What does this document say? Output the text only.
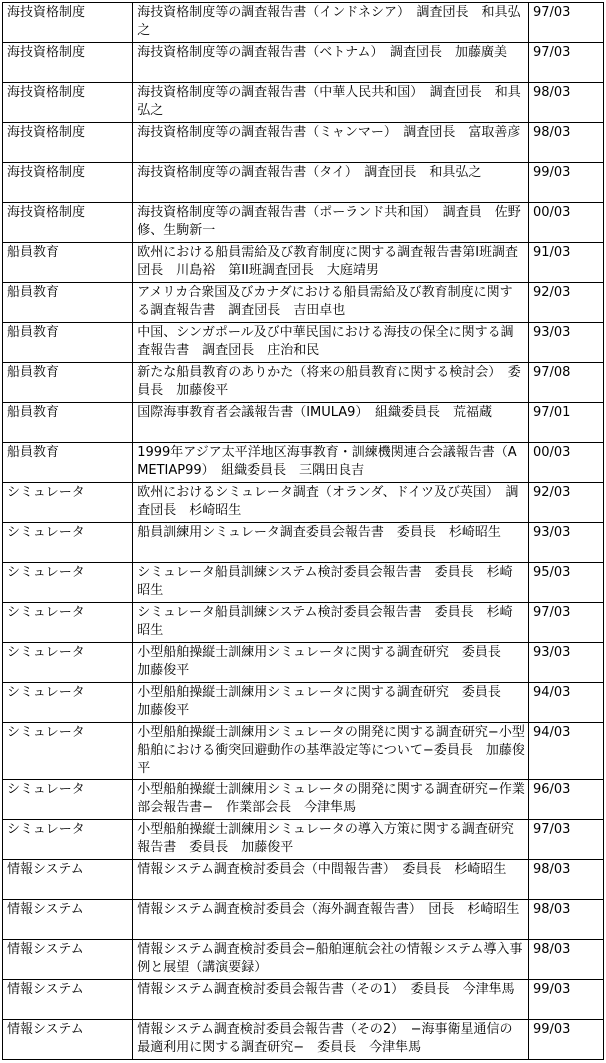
海技資格制度	海技資格制度等の調査報告書（インドネシア）　調査団長　和具弘之	97/03
海技資格制度	海技資格制度等の調査報告書（ベトナム）　調査団長　加藤廣美	97/03
海技資格制度	海技資格制度等の調査報告書（中華人民共和国）　調査団長　和具弘之	98/03
海技資格制度	海技資格制度等の調査報告書（ミャンマー）　調査団長　富取善彦	98/03
海技資格制度	海技資格制度等の調査報告書（タイ）　調査団長　和具弘之	99/03
海技資格制度	海技資格制度等の調査報告書（ポーランド共和国）　調査員　佐野修、生駒新一	00/03
船員教育	欧州における船員需給及び教育制度に関する調査報告書第I班調査団長　川島裕　第II班調査団長　大庭靖男	91/03
船員教育	アメリカ合衆国及びカナダにおける船員需給及び教育制度に関する調査報告書　調査団長　吉田卓也	92/03
船員教育	中国、シンガポール及び中華民国における海技の保全に関する調査報告書　調査団長　庄治和民	93/03
船員教育	新たな船員教育のありかた（将来の船員教育に関する検討会）　委員長　加藤俊平	97/08
船員教育	国際海事教育者会議報告書（IMULA9）　組織委員長　荒福蔵	97/01
船員教育	1999年アジア太平洋地区海事教育・訓練機関連合会議報告書（AMETIAP99）　組織委員長　三隅田良吉	00/03
シミュレータ	欧州におけるシミュレータ調査（オランダ、ドイツ及び英国）　調査団長　杉崎昭生	92/03
シミュレータ	船員訓練用シミュレータ調査委員会報告書　委員長　杉崎昭生	93/03
シミュレータ	シミュレータ船員訓練システム検討委員会報告書　委員長　杉崎昭生	95/03
シミュレータ	シミュレータ船員訓練システム検討委員会報告書　委員長　杉崎昭生	97/03
シミュレータ	小型船舶操縦士訓練用シミュレータに関する調査研究　委員長　加藤俊平	93/03
シミュレータ	小型船舶操縦士訓練用シミュレータに関する調査研究　委員長　加藤俊平	94/03
シミュレータ	小型船舶操縦士訓練用シミュレータの開発に関する調査研究−小型船舶における衝突回避動作の基準設定等について−委員長　加藤俊平	94/03
シミュレータ	小型船舶操縦士訓練用シミュレータの開発に関する調査研究−作業部会報告書−　作業部会長　今津隼馬	96/03
シミュレータ	小型船舶操縦士訓練用シミュレータの導入方策に関する調査研究報告書　委員長　加藤俊平	97/03
情報システム	情報システム調査検討委員会（中間報告書）　委員長　杉崎昭生	98/03
情報システム	情報システム調査検討委員会（海外調査報告書）　団長　杉崎昭生	98/03
情報システム	情報システム調査検討委員会−船舶運航会社の情報システム導入事例と展望（講演要録）	98/03
情報システム	情報システム調査検討委員会報告書（その1）　委員長　今津隼馬	99/03
情報システム	情報システム調査検討委員会報告書（その2）　−海事衛星通信の最適利用に関する調査研究−　委員長　今津隼馬	99/03
